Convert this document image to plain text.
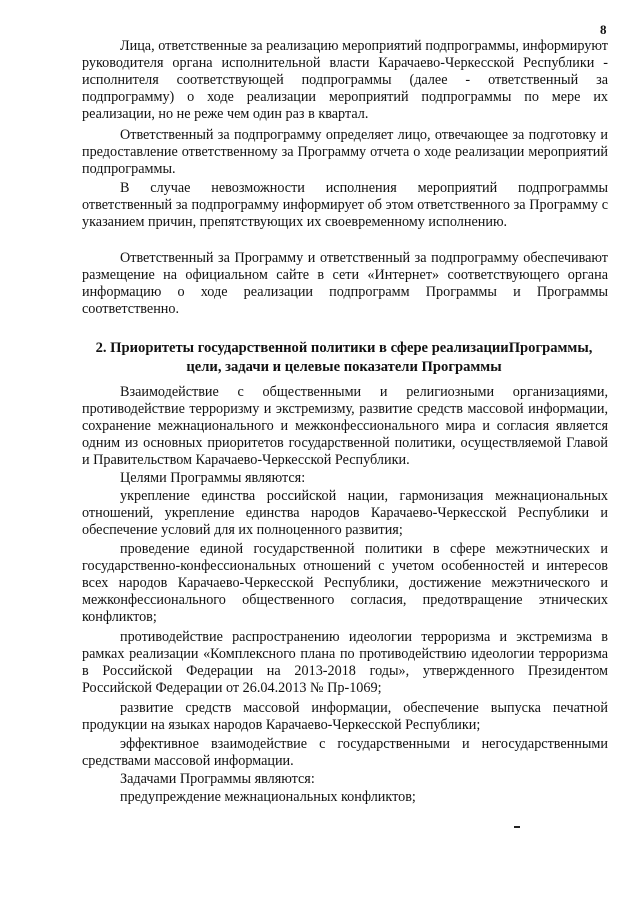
8

Лица, ответственные за реализацию мероприятий подпрограммы, информируют руководителя органа исполнительной власти Карачаево-Черкесской Республики - исполнителя соответствующей подпрограммы (далее - ответственный за подпрограмму) о ходе реализации мероприятий подпрограммы по мере их реализации, но не реже чем один раз в квартал.

Ответственный за подпрограмму определяет лицо, отвечающее за подготовку и предоставление ответственному за Программу отчета о ходе реализации мероприятий подпрограммы.

В случае невозможности исполнения мероприятий подпрограммы ответственный за подпрограмму информирует об этом ответственного за Программу с указанием причин, препятствующих их своевременному исполнению.

Ответственный за Программу и ответственный за подпрограмму обеспечивают размещение на официальном сайте в сети «Интернет» соответствующего органа информацию о ходе реализации подпрограмм Программы и Программы соответственно.

2. Приоритеты государственной политики в сфере реализацииПрограммы, цели, задачи и целевые показатели Программы

Взаимодействие с общественными и религиозными организациями, противодействие терроризму и экстремизму, развитие средств массовой информации, сохранение межнационального и межконфессионального мира и согласия является одним из основных приоритетов государственной политики, осуществляемой Главой и Правительством Карачаево-Черкесской Республики.

Целями Программы являются:

укрепление единства российской нации, гармонизация межнациональных отношений, укрепление единства народов Карачаево-Черкесской Республики и обеспечение условий для их полноценного развития;

проведение единой государственной политики в сфере межэтнических и государственно-конфессиональных отношений с учетом особенностей и интересов всех народов Карачаево-Черкесской Республики, достижение межэтнического и межконфессионального общественного согласия, предотвращение этнических конфликтов;

противодействие распространению идеологии терроризма и экстремизма в рамках реализации «Комплексного плана по противодействию идеологии терроризма в Российской Федерации на 2013-2018 годы», утвержденного Президентом Российской Федерации от 26.04.2013 № Пр-1069;

развитие средств массовой информации, обеспечение выпуска печатной продукции на языках народов Карачаево-Черкесской Республики;

эффективное взаимодействие с государственными и негосударственными средствами массовой информации.

Задачами Программы являются:

предупреждение межнациональных конфликтов;
